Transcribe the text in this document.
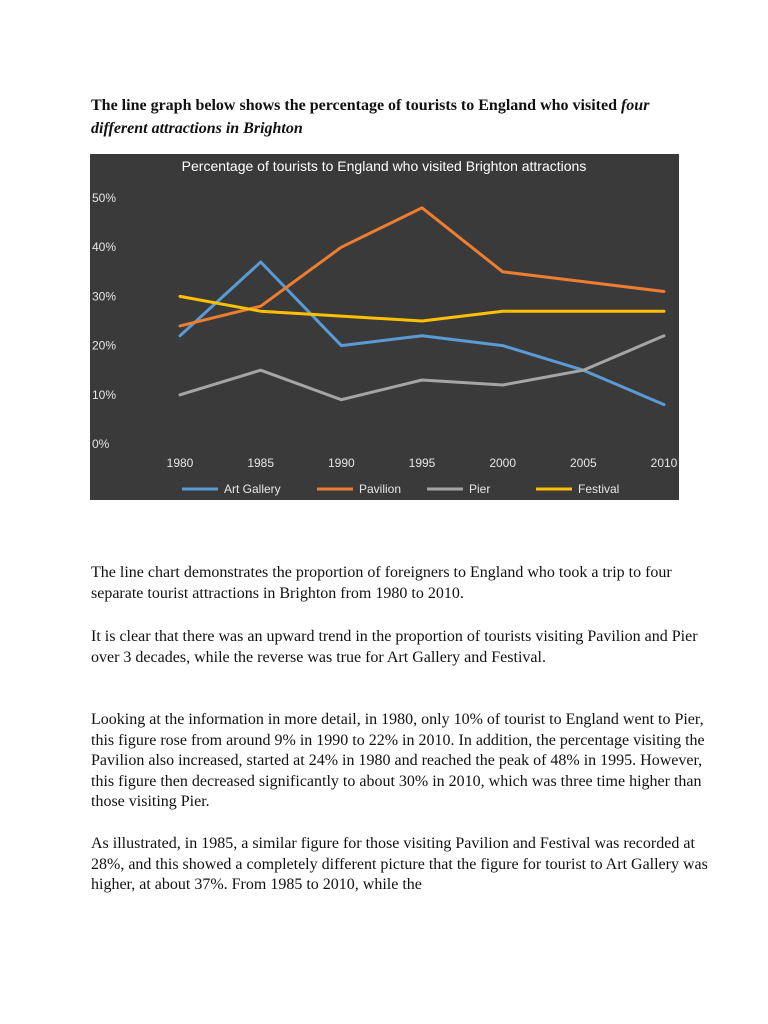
The line graph below shows the percentage of tourists to England who visited four different attractions in Brighton
Percentage of tourists to England who visited Brighton attractions
0%
10%
20%
30%
40%
50%
1980	1985	1990	1995	2000	2005	2010
Art Gallery	Pavilion	Pier	Festival

The line chart demonstrates the proportion of foreigners to England who took a trip to four separate tourist attractions in Brighton from 1980 to 2010.

It is clear that there was an upward trend in the proportion of tourists visiting Pavilion and Pier over 3 decades, while the reverse was true for Art Gallery and Festival.

Looking at the information in more detail, in 1980, only 10% of tourist to England went to Pier, this figure rose from around 9% in 1990 to 22% in 2010. In addition, the percentage visiting the Pavilion also increased, started at 24% in 1980 and reached the peak of 48% in 1995. However, this figure then decreased significantly to about 30% in 2010, which was three time higher than those visiting Pier.

As illustrated, in 1985, a similar figure for those visiting Pavilion and Festival was recorded at 28%, and this showed a completely different picture that the figure for tourist to Art Gallery was higher, at about 37%. From 1985 to 2010, while the
